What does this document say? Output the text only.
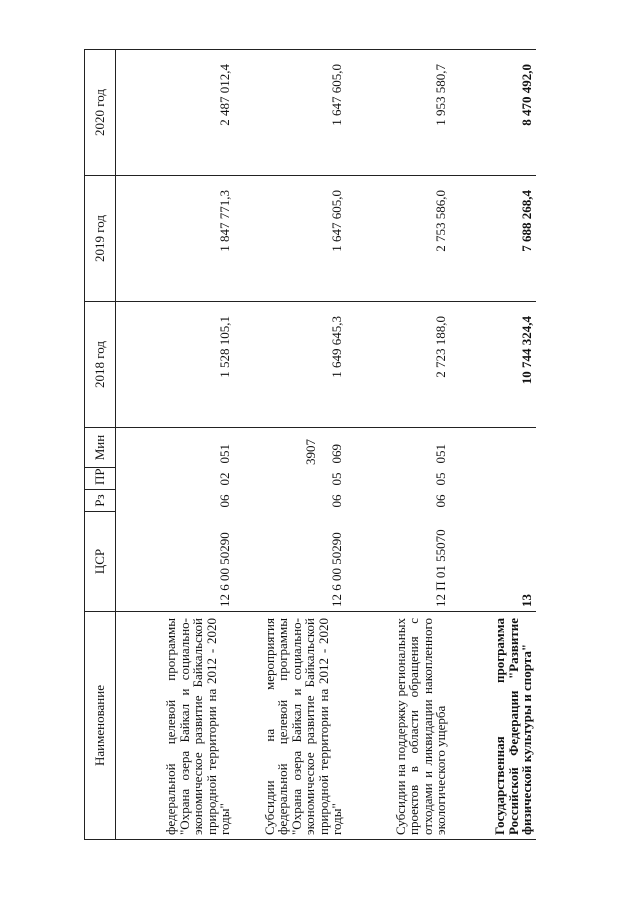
3907
Наименование	ЦСР	Рз	ПР	Мин	2018 год	2019 год	2020 год
федеральной целевой программы "Охрана озера Байкал и социально-экономическое развитие Байкальской природной территории на 2012 - 2020 годы"	12 6 00 50290	06	02	051	1 528 105,1	1 847 771,3	2 487 012,4
Субсидии на мероприятия федеральной целевой программы "Охрана озера Байкал и социально-экономическое развитие Байкальской природной территории на 2012 - 2020 годы"	12 6 00 50290	06	05	069	1 649 645,3	1 647 605,0	1 647 605,0
Субсидии на поддержку региональных проектов в области обращения с отходами и ликвидации накопленного экологического ущерба	12 П 01 55070	06	05	051	2 723 188,0	2 753 586,0	1 953 580,7
Государственная программа Российской Федерации "Развитие физической культуры и спорта"	13				10 744 324,4	7 688 268,4	8 470 492,0
